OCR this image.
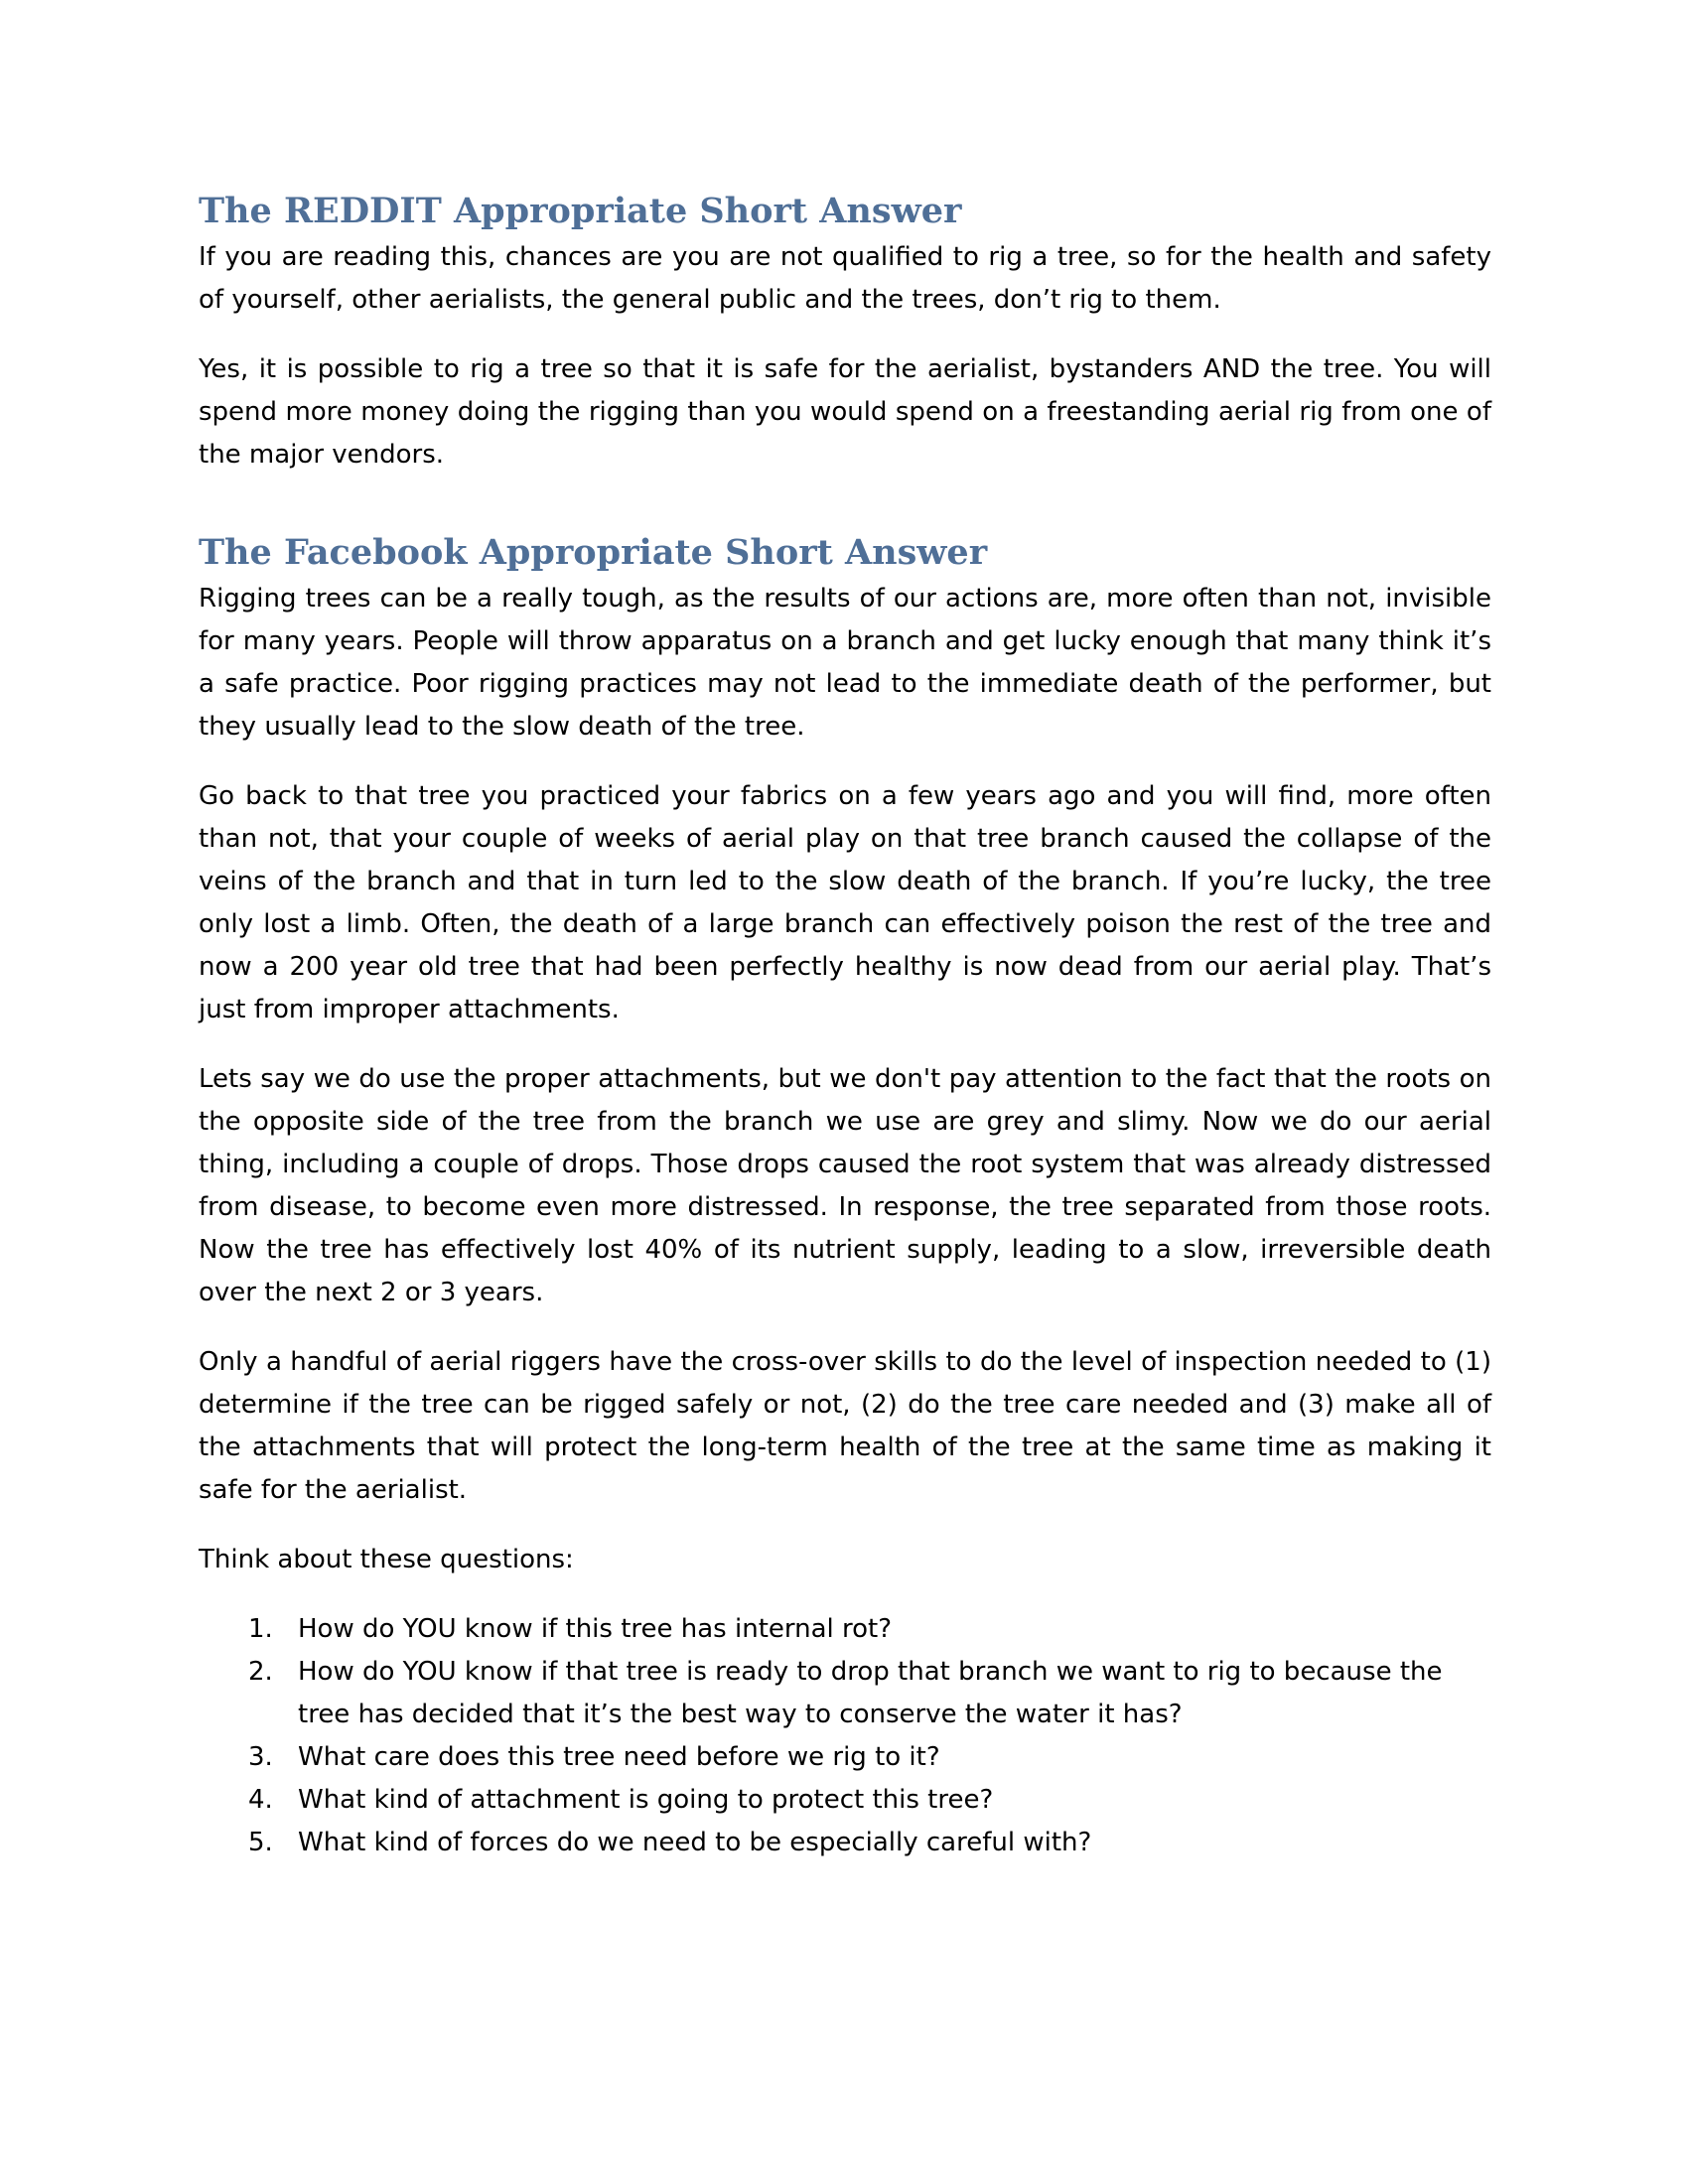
The REDDIT Appropriate Short Answer

If you are reading this, chances are you are not qualified to rig a tree, so for the health and safety of yourself, other aerialists, the general public and the trees, don’t rig to them.

Yes, it is possible to rig a tree so that it is safe for the aerialist, bystanders AND the tree. You will spend more money doing the rigging than you would spend on a freestanding aerial rig from one of the major vendors.

The Facebook Appropriate Short Answer

Rigging trees can be a really tough, as the results of our actions are, more often than not, invisible for many years. People will throw apparatus on a branch and get lucky enough that many think it’s a safe practice. Poor rigging practices may not lead to the immediate death of the performer, but they usually lead to the slow death of the tree.

Go back to that tree you practiced your fabrics on a few years ago and you will find, more often than not, that your couple of weeks of aerial play on that tree branch caused the collapse of the veins of the branch and that in turn led to the slow death of the branch. If you’re lucky, the tree only lost a limb. Often, the death of a large branch can effectively poison the rest of the tree and now a 200 year old tree that had been perfectly healthy is now dead from our aerial play. That’s just from improper attachments.

Lets say we do use the proper attachments, but we don't pay attention to the fact that the roots on the opposite side of the tree from the branch we use are grey and slimy. Now we do our aerial thing, including a couple of drops. Those drops caused the root system that was already distressed from disease, to become even more distressed. In response, the tree separated from those roots. Now the tree has effectively lost 40% of its nutrient supply, leading to a slow, irreversible death over the next 2 or 3 years.

Only a handful of aerial riggers have the cross-over skills to do the level of inspection needed to (1) determine if the tree can be rigged safely or not, (2) do the tree care needed and (3) make all of the attachments that will protect the long-term health of the tree at the same time as making it safe for the aerialist.

Think about these questions:

1. How do YOU know if this tree has internal rot?
2. How do YOU know if that tree is ready to drop that branch we want to rig to because the tree has decided that it’s the best way to conserve the water it has?
3. What care does this tree need before we rig to it?
4. What kind of attachment is going to protect this tree?
5. What kind of forces do we need to be especially careful with?
